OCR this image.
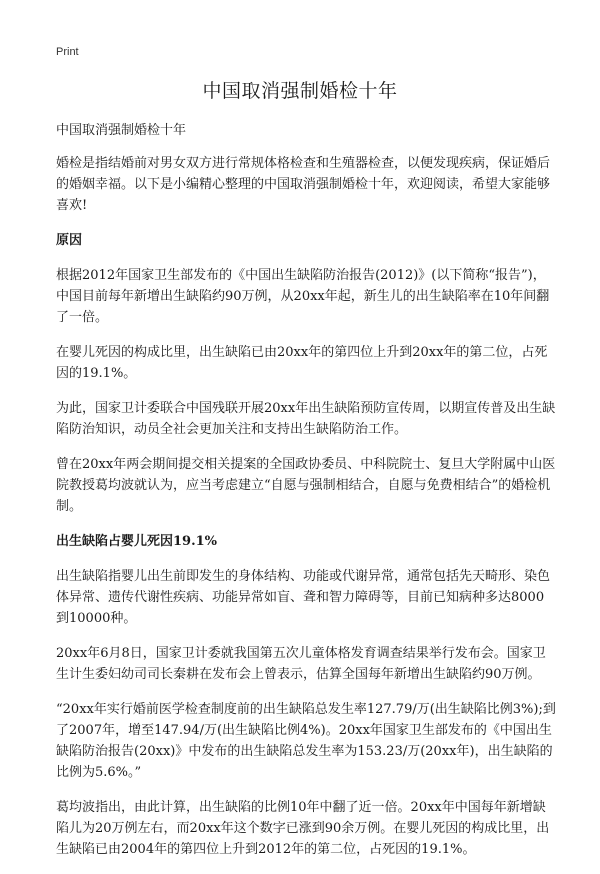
Print
中国取消强制婚检十年

中国取消强制婚检十年

婚检是指结婚前对男女双方进行常规体格检查和生殖器检查，以便发现疾病，保证婚后的婚姻幸福。以下是小编精心整理的中国取消强制婚检十年，欢迎阅读，希望大家能够喜欢!

原因

根据2012年国家卫生部发布的《中国出生缺陷防治报告(2012)》(以下简称“报告”)，中国目前每年新增出生缺陷约90万例，从20xx年起，新生儿的出生缺陷率在10年间翻了一倍。

在婴儿死因的构成比里，出生缺陷已由20xx年的第四位上升到20xx年的第二位，占死因的19.1%。

为此，国家卫计委联合中国残联开展20xx年出生缺陷预防宣传周，以期宣传普及出生缺陷防治知识，动员全社会更加关注和支持出生缺陷防治工作。

曾在20xx年两会期间提交相关提案的全国政协委员、中科院院士、复旦大学附属中山医院教授葛均波就认为，应当考虑建立“自愿与强制相结合，自愿与免费相结合”的婚检机制。

出生缺陷占婴儿死因19.1%

出生缺陷指婴儿出生前即发生的身体结构、功能或代谢异常，通常包括先天畸形、染色体异常、遗传代谢性疾病、功能异常如盲、聋和智力障碍等，目前已知病种多达8000到10000种。

20xx年6月8日，国家卫计委就我国第五次儿童体格发育调查结果举行发布会。国家卫生计生委妇幼司司长秦耕在发布会上曾表示，估算全国每年新增出生缺陷约90万例。

“20xx年实行婚前医学检查制度前的出生缺陷总发生率127.79/万(出生缺陷比例3%);到了2007年，增至147.94/万(出生缺陷比例4%)。20xx年国家卫生部发布的《中国出生缺陷防治报告(20xx)》中发布的出生缺陷总发生率为153.23/万(20xx年)，出生缺陷的比例为5.6%。”

葛均波指出，由此计算，出生缺陷的比例10年中翻了近一倍。20xx年中国每年新增缺陷儿为20万例左右，而20xx年这个数字已涨到90余万例。在婴儿死因的构成比里，出生缺陷已由2004年的第四位上升到2012年的第二位，占死因的19.1%。
